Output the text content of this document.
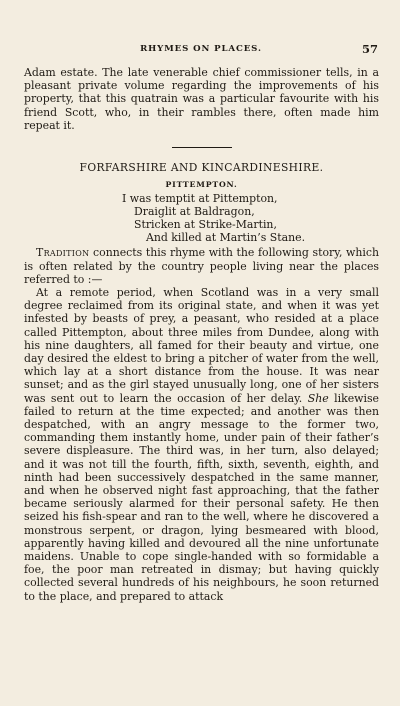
RHYMES ON PLACES.	57

Adam estate. The late venerable chief commissioner tells, in a pleasant private volume regarding the improvements of his property, that this quatrain was a particular favourite with his friend Scott, who, in their rambles there, often made him repeat it.

FORFARSHIRE AND KINCARDINESHIRE.
PITTEMPTON.
I was temptit at Pittempton,
Draiglit at Baldragon,
Stricken at Strike-Martin,
And killed at Martin’s Stane.

Tradition connects this rhyme with the following story, which is often related by the country people living near the places referred to :—

At a remote period, when Scotland was in a very small degree reclaimed from its original state, and when it was yet infested by beasts of prey, a peasant, who resided at a place called Pittempton, about three miles from Dundee, along with his nine daughters, all famed for their beauty and virtue, one day desired the eldest to bring a pitcher of water from the well, which lay at a short distance from the house. It was near sunset; and as the girl stayed unusually long, one of her sisters was sent out to learn the occasion of her delay. She likewise failed to return at the time expected; and another was then despatched, with an angry message to the former two, commanding them instantly home, under pain of their father’s severe displeasure. The third was, in her turn, also delayed; and it was not till the fourth, fifth, sixth, seventh, eighth, and ninth had been successively despatched in the same manner, and when he observed night fast approaching, that the father became seriously alarmed for their personal safety. He then seized his fish-spear and ran to the well, where he discovered a monstrous serpent, or dragon, lying besmeared with blood, apparently having killed and devoured all the nine unfortunate maidens. Unable to cope single-handed with so formidable a foe, the poor man retreated in dismay; but having quickly collected several hundreds of his neighbours, he soon returned to the place, and prepared to attack
